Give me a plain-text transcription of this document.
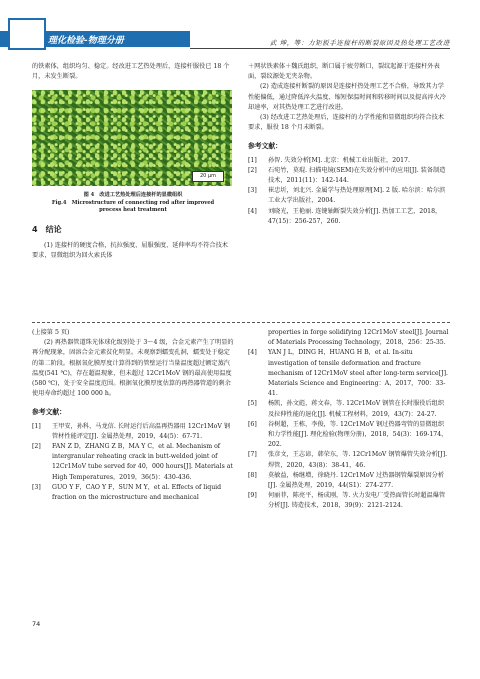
理化检验-物理分册	武 坤，等：力矩扳手连接杆的断裂原因及热处理工艺改进

的铁素体，组织均匀、稳定。经改进工艺热处理后，连接杆服役已 18 个月，未发生断裂。

20 μm
图 4　改进工艺热处理后连接杆的显微组织
Fig.4　Microstructure of connecting rod after improved
process heat treatment
4　结论

(1) 连接杆的硬度合格，抗拉强度、屈服强度、延伸率均不符合技术要求，显微组织为回火索氏体

＋网状铁素体＋魏氏组织，断口属于疲劳断口，裂纹起源于连接杆外表面，裂纹源处无夹杂物。

(2) 造成连接杆断裂的原因是连接杆热处理工艺不合格，导致其力学性能偏低，通过降低淬火温度、缩短保温时间和转移时间以及提高淬火冷却速率，对其热处理工艺进行改进。

(3) 经改进工艺热处理后，连接杆的力学性能和显微组织均符合技术要求，服役 18 个月未断裂。

参考文献：
[1]	孙智. 失效分析[M]. 北京：机械工业出版社，2017.
[2]	石宛竹，莫琨. 扫描电镜(SEM)在失效分析中的应用[J]. 装备制造技术，2011(11)：142-144.
[3]	崔忠圻，刘北兴. 金属学与热处理原理[M]. 2 版. 哈尔滨：哈尔滨工业大学出版社，2004.
[4]	刘晓光，王艳丽. 连键轴断裂失效分析[J]. 热加工工艺，2018，47(15)：256-257，260.

(上接第 5 页)

(2) 再热器管道珠光体球化级别处于 3～4 级，合金元素产生了明显的再分配现象，固溶合金元素贫化明显。未观察到蠕变孔洞，蠕变处于稳定的第二阶段。根据氧化膜厚度计算得到的管壁运行当量温度超过额定蒸汽温度(541 ℃)，存在超温现象，但未超过 12Cr1MoV 钢的最高使用温度(580 ℃)，处于安全温度范围。根据氧化膜厚度估算的再热器管道的剩余使用寿命约超过 100 000 h。

参考文献：
[1]	王甲安，孙科，马龙信. 长时运行后高温再热器用 12Cr1MoV 钢管材性能评定[J]. 金属热处理，2019，44(5)：67-71.
[2]	FAN Z D，ZHANG Z B，MA Y C，et al. Mechanism of intergranular reheating crack in butt-welded joint of 12Cr1MoV tube served for 40，000 hours[J]. Materials at High Temperatures，2019，36(5)：430-436.
[3]	GUO Y F，CAO Y F，SUN M Y，et al. Effects of liquid fraction on the microstructure and mechanical
properties in forge solidifying 12Cr1MoV steel[J]. Journal of Materials Processing Technology，2018，256：25-35.
[4]	YAN J L，DING H，HUANG H B，et al. In-situ investigation of tensile deformation and fracture mechanism of 12Cr1MoV steel after long-term service[J]. Materials Science and Engineering：A，2017，700：33-41.
[5]	杨凯，孙文彪，蒋文春，等. 12Cr1MoV 钢管在长时服役后组织及拉伸性能的退化[J]. 机械工程材料，2019，43(7)：24-27.
[6]	谷树超，王栋，李俊，等. 12Cr1MoV 钢过热器弯管的显微组织和力学性能[J]. 理化检验(物理分册)，2018，54(3)：169-174，202.
[7]	张彦文，王志谛，韩荣东，等. 12Cr1MoV 钢管爆管失效分析[J]. 焊管，2020，43(8)：38-41，46.
[8]	莫敏益，杨继增，徐晓丹. 12Cr1MoV 过热器钢管爆裂原因分析[J]. 金属热处理，2019，44(S1)：274-277.
[9]	何丽菲，陈亮平，杨成刚，等. 火力发电厂受热面管长时超温爆管分析[J]. 铸造技术，2018，39(9)：2121-2124.
74
